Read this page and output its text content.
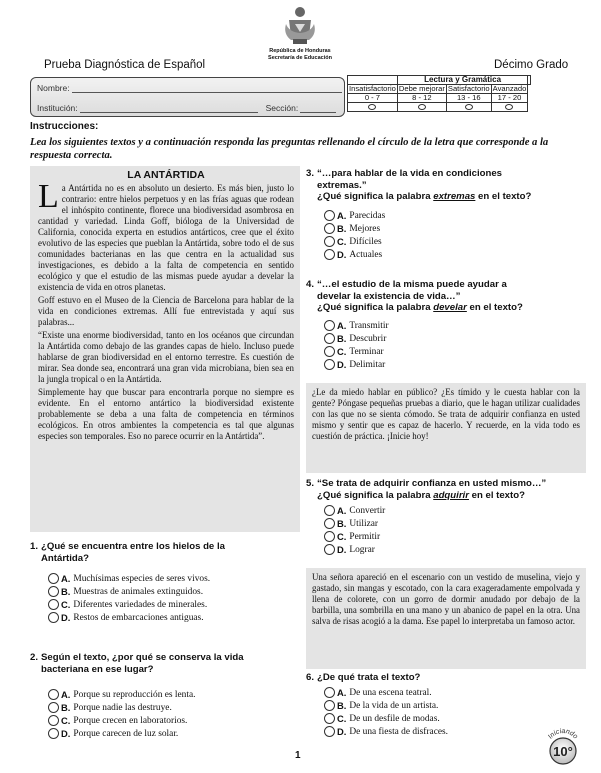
República de Honduras
Secretaría de Educación
Prueba Diagnóstica de Español	Décimo Grado
Nombre:
Institución:	Sección:
	Lectura y Gramática			
Insatisfactorio	Debe mejorar	Satisfactorio	Avanzado	
0 - 7	8 - 12	13 - 16	17 - 20	

Instrucciones:
Lea los siguientes textos y a continuación responda las preguntas rellenando el círculo de la letra que corresponde a la respuesta correcta.
LA ANTÁRTIDA

La Antártida no es en absoluto un desierto. Es más bien, justo lo contrario: entre hielos perpetuos y en las frías aguas que rodean el inhóspito continente, florece una biodiversidad asombrosa en cantidad y variedad. Linda Goff, bióloga de la Universidad de California, conocida experta en estudios antárticos, cree que el éxito evolutivo de las especies que pueblan la Antártida, sobre todo el de sus comunidades bacterianas en las que centra en la actualidad sus investigaciones, es debido a la falta de competencia en sentido ecológico y que el estudio de las mismas puede ayudar a develar la existencia de vida en otros planetas.

Goff estuvo en el Museo de la Ciencia de Barcelona para hablar de la vida en condiciones extremas. Allí fue entrevistada y aquí sus palabras...

“Existe una enorme biodiversidad, tanto en los océanos que circundan la Antártida como debajo de las grandes capas de hielo. Incluso puede hablarse de gran biodiversidad en el entorno terrestre. Es cuestión de mirar. Sea donde sea, encontrará una gran vida microbiana, bien sea en la jungla tropical o en la Antártida.

Simplemente hay que buscar para encontrarla porque no siempre es evidente. En el entorno antártico la biodiversidad existente probablemente se deba a una falta de competencia en términos ecológicos. En otros ambientes la competencia es tal que algunas especies son temporales. Eso no parece ocurrir en la Antártida”.

1. ¿Qué se encuentra entre los hielos de la
Antártida?
A. Muchísimas especies de seres vivos.
B. Muestras de animales extinguidos.
C. Diferentes variedades de minerales.
D. Restos de embarcaciones antiguas.
2. Según el texto, ¿por qué se conserva la vida
bacteriana en ese lugar?
A. Porque su reproducción es lenta.
B. Porque nadie las destruye.
C. Porque crecen en laboratorios.
D. Porque carecen de luz solar.
3. “…para hablar de la vida en condiciones
extremas.”
¿Qué significa la palabra extremas en el texto?
A. Parecidas
B. Mejores
C. Difíciles
D. Actuales
4. “…el estudio de la misma puede ayudar a
develar la existencia de vida…”
¿Qué significa la palabra develar en el texto?
A. Transmitir
B. Descubrir
C. Terminar
D. Delimitar
¿Le da miedo hablar en público? ¿Es tímido y le cuesta hablar con la gente? Póngase pequeñas pruebas a diario, que le hagan utilizar cualidades con las que no se sienta cómodo. Se trata de adquirir confianza en usted mismo y sentir que es capaz de hacerlo. Y recuerde, en la vida todo es cuestión de práctica. ¡Inicie hoy!
5. “Se trata de adquirir confianza en usted mismo…”
¿Qué significa la palabra adquirir en el texto?
A. Convertir
B. Utilizar
C. Permitir
D. Lograr
Una señora apareció en el escenario con un vestido de muselina, viejo y gastado, sin mangas y escotado, con la cara exageradamente empolvada y llena de colorete, con un gorro de dormir anudado por debajo de la barbilla, una sombrilla en una mano y un abanico de papel en la otra. Una salva de risas acogió a la dama. Ese papel lo interpretaba un famoso actor.
6. ¿De qué trata el texto?
A. De una escena teatral.
B. De la vida de un artista.
C. De un desfile de modas.
D. De una fiesta de disfraces.
1
Iniciando
10°
